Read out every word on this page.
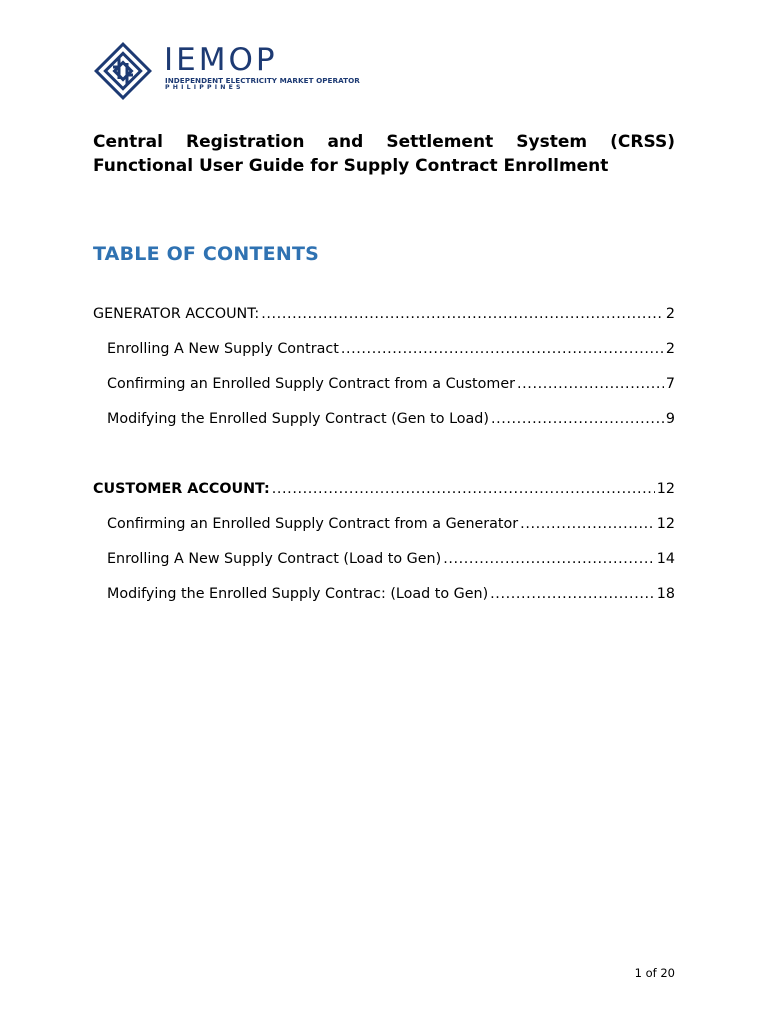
IEMOP
INDEPENDENT ELECTRICITY MARKET OPERATOR
PHILIPPINES
Central Registration and Settlement System (CRSS)
Functional User Guide for Supply Contract Enrollment
TABLE OF CONTENTS
GENERATOR ACCOUNT: .....	2
Enrolling A New Supply Contract .....	2
Confirming an Enrolled Supply Contract from a Customer .....	7
Modifying the Enrolled Supply Contract (Gen to Load) .....	9
CUSTOMER ACCOUNT: .....	12
Confirming an Enrolled Supply Contract from a Generator .....	12
Enrolling A New Supply Contract (Load to Gen) .....	14
Modifying the Enrolled Supply Contrac: (Load to Gen) .....	18
1 of 20
